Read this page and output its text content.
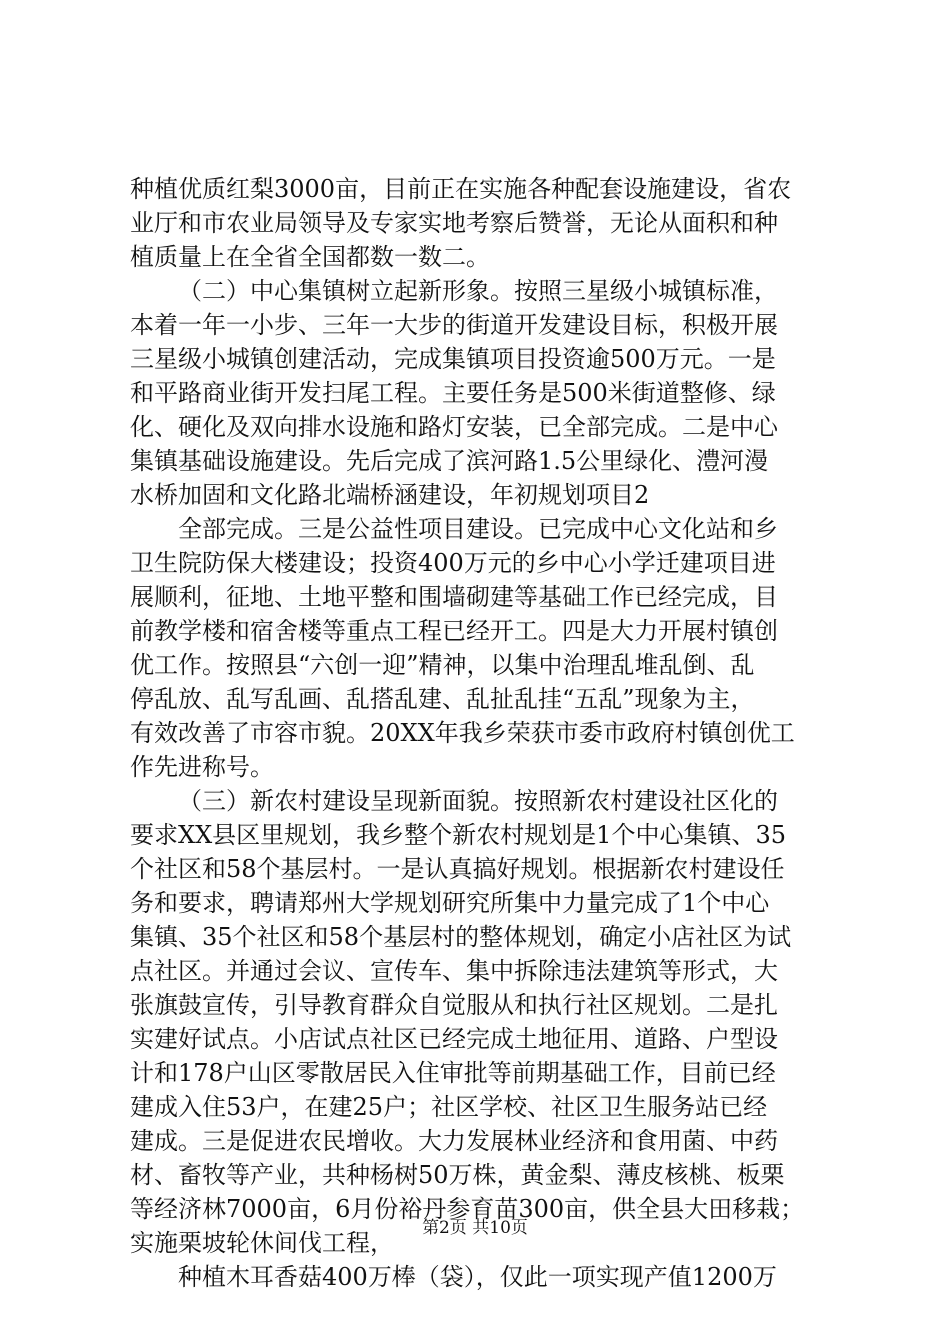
种植优质红梨3000亩，目前正在实施各种配套设施建设，省农
业厅和市农业局领导及专家实地考察后赞誉，无论从面积和种
植质量上在全省全国都数一数二。
（二）中心集镇树立起新形象。按照三星级小城镇标准，
本着一年一小步、三年一大步的街道开发建设目标，积极开展
三星级小城镇创建活动，完成集镇项目投资逾500万元。一是
和平路商业街开发扫尾工程。主要任务是500米街道整修、绿
化、硬化及双向排水设施和路灯安装，已全部完成。二是中心
集镇基础设施建设。先后完成了滨河路1.5公里绿化、澧河漫
水桥加固和文化路北端桥涵建设，年初规划项目2
全部完成。三是公益性项目建设。已完成中心文化站和乡
卫生院防保大楼建设；投资400万元的乡中心小学迁建项目进
展顺利，征地、土地平整和围墙砌建等基础工作已经完成，目
前教学楼和宿舍楼等重点工程已经开工。四是大力开展村镇创
优工作。按照县“六创一迎”精神，以集中治理乱堆乱倒、乱
停乱放、乱写乱画、乱搭乱建、乱扯乱挂“五乱”现象为主，
有效改善了市容市貌。20XX年我乡荣获市委市政府村镇创优工
作先进称号。
（三）新农村建设呈现新面貌。按照新农村建设社区化的
要求XX县区里规划，我乡整个新农村规划是1个中心集镇、35
个社区和58个基层村。一是认真搞好规划。根据新农村建设任
务和要求，聘请郑州大学规划研究所集中力量完成了1个中心
集镇、35个社区和58个基层村的整体规划，确定小店社区为试
点社区。并通过会议、宣传车、集中拆除违法建筑等形式，大
张旗鼓宣传，引导教育群众自觉服从和执行社区规划。二是扎
实建好试点。小店试点社区已经完成土地征用、道路、户型设
计和178户山区零散居民入住审批等前期基础工作，目前已经
建成入住53户，在建25户；社区学校、社区卫生服务站已经
建成。三是促进农民增收。大力发展林业经济和食用菌、中药
材、畜牧等产业，共种杨树50万株，黄金梨、薄皮核桃、板栗
等经济林7000亩，6月份裕丹参育苗300亩，供全县大田移栽；
实施栗坡轮休间伐工程，
种植木耳香菇400万棒（袋），仅此一项实现产值1200万
第2页 共10页
